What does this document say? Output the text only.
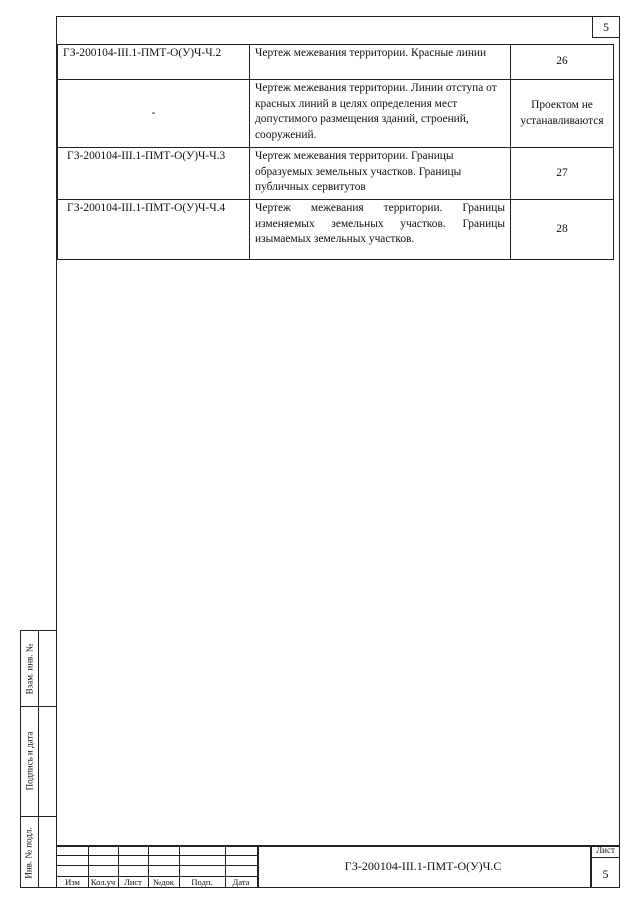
5
ГЗ-200104-III.1-ПМТ-О(У)Ч-Ч.2	Чертеж межевания территории. Красные линии	26
-	Чертеж межевания территории. Линии отступа от красных линий в целях определения мест допустимого размещения зданий, строений, сооружений.	Проектом не устанавливаются
ГЗ-200104-III.1-ПМТ-О(У)Ч-Ч.3	Чертеж межевания территории. Границы образуемых земельных участков. Границы публичных сервитутов	27
ГЗ-200104-III.1-ПМТ-О(У)Ч-Ч.4	Чертеж межевания территории. Границы изменяемых земельных участков. Границы изымаемых земельных участков.	28
Взам. инв. №
Подпись и дата
Инв. № подл.
Изм	Кол.уч	Лист	№док	Подп.	Дата
ГЗ-200104-III.1-ПМТ-О(У)Ч.С
Лист
5
